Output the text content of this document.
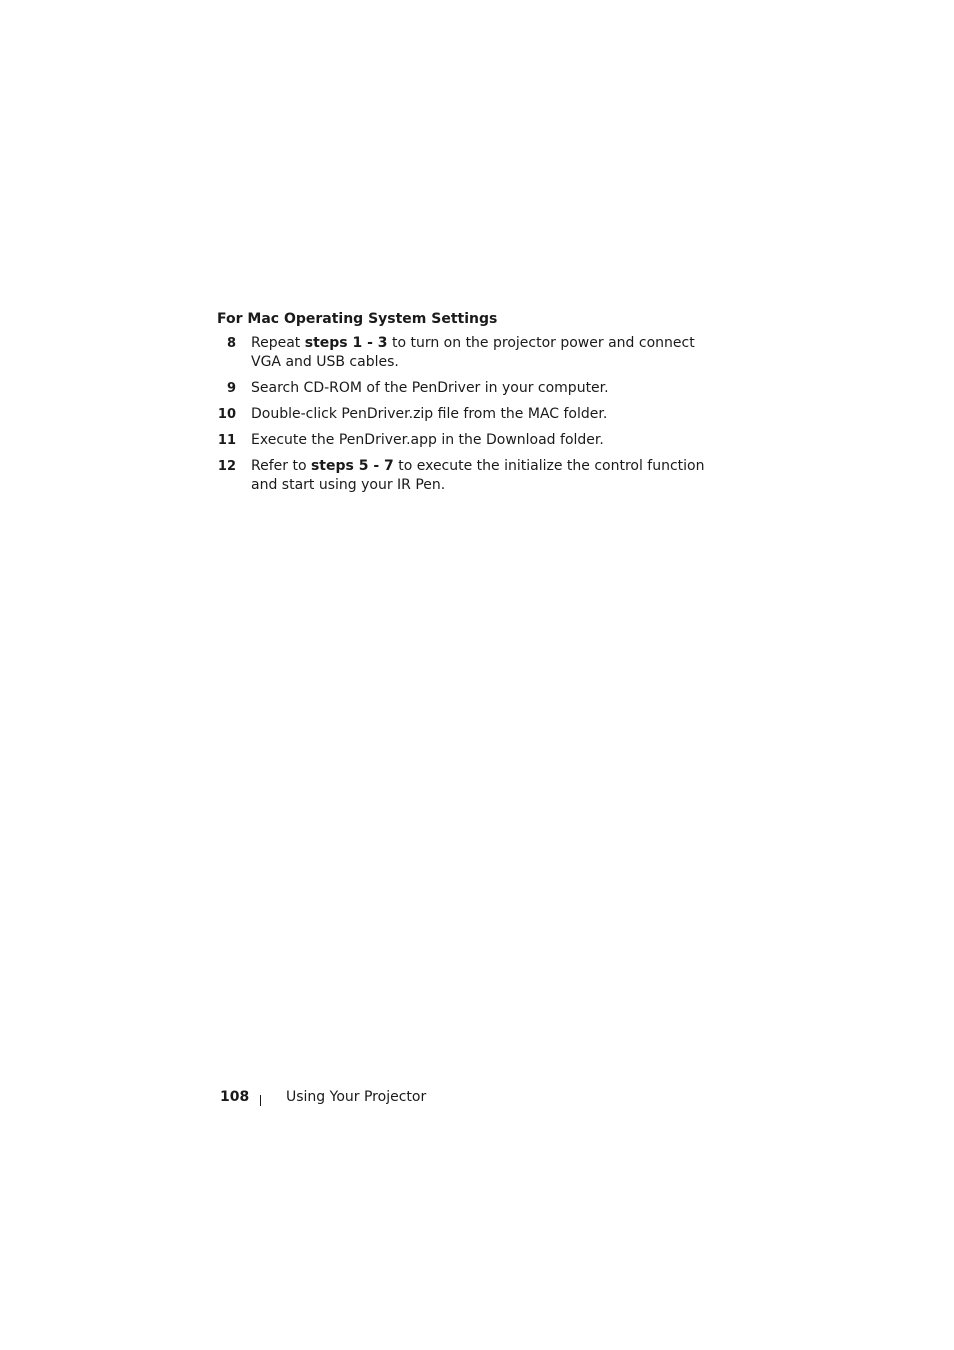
For Mac Operating System Settings
8 Repeat steps 1 - 3 to turn on the projector power and connect VGA and USB cables.
9 Search CD-ROM of the PenDriver in your computer.
10 Double-click PenDriver.zip file from the MAC folder.
11 Execute the PenDriver.app in the Download folder.
12 Refer to steps 5 - 7 to execute the initialize the control function and start using your IR Pen.
108	Using Your Projector
